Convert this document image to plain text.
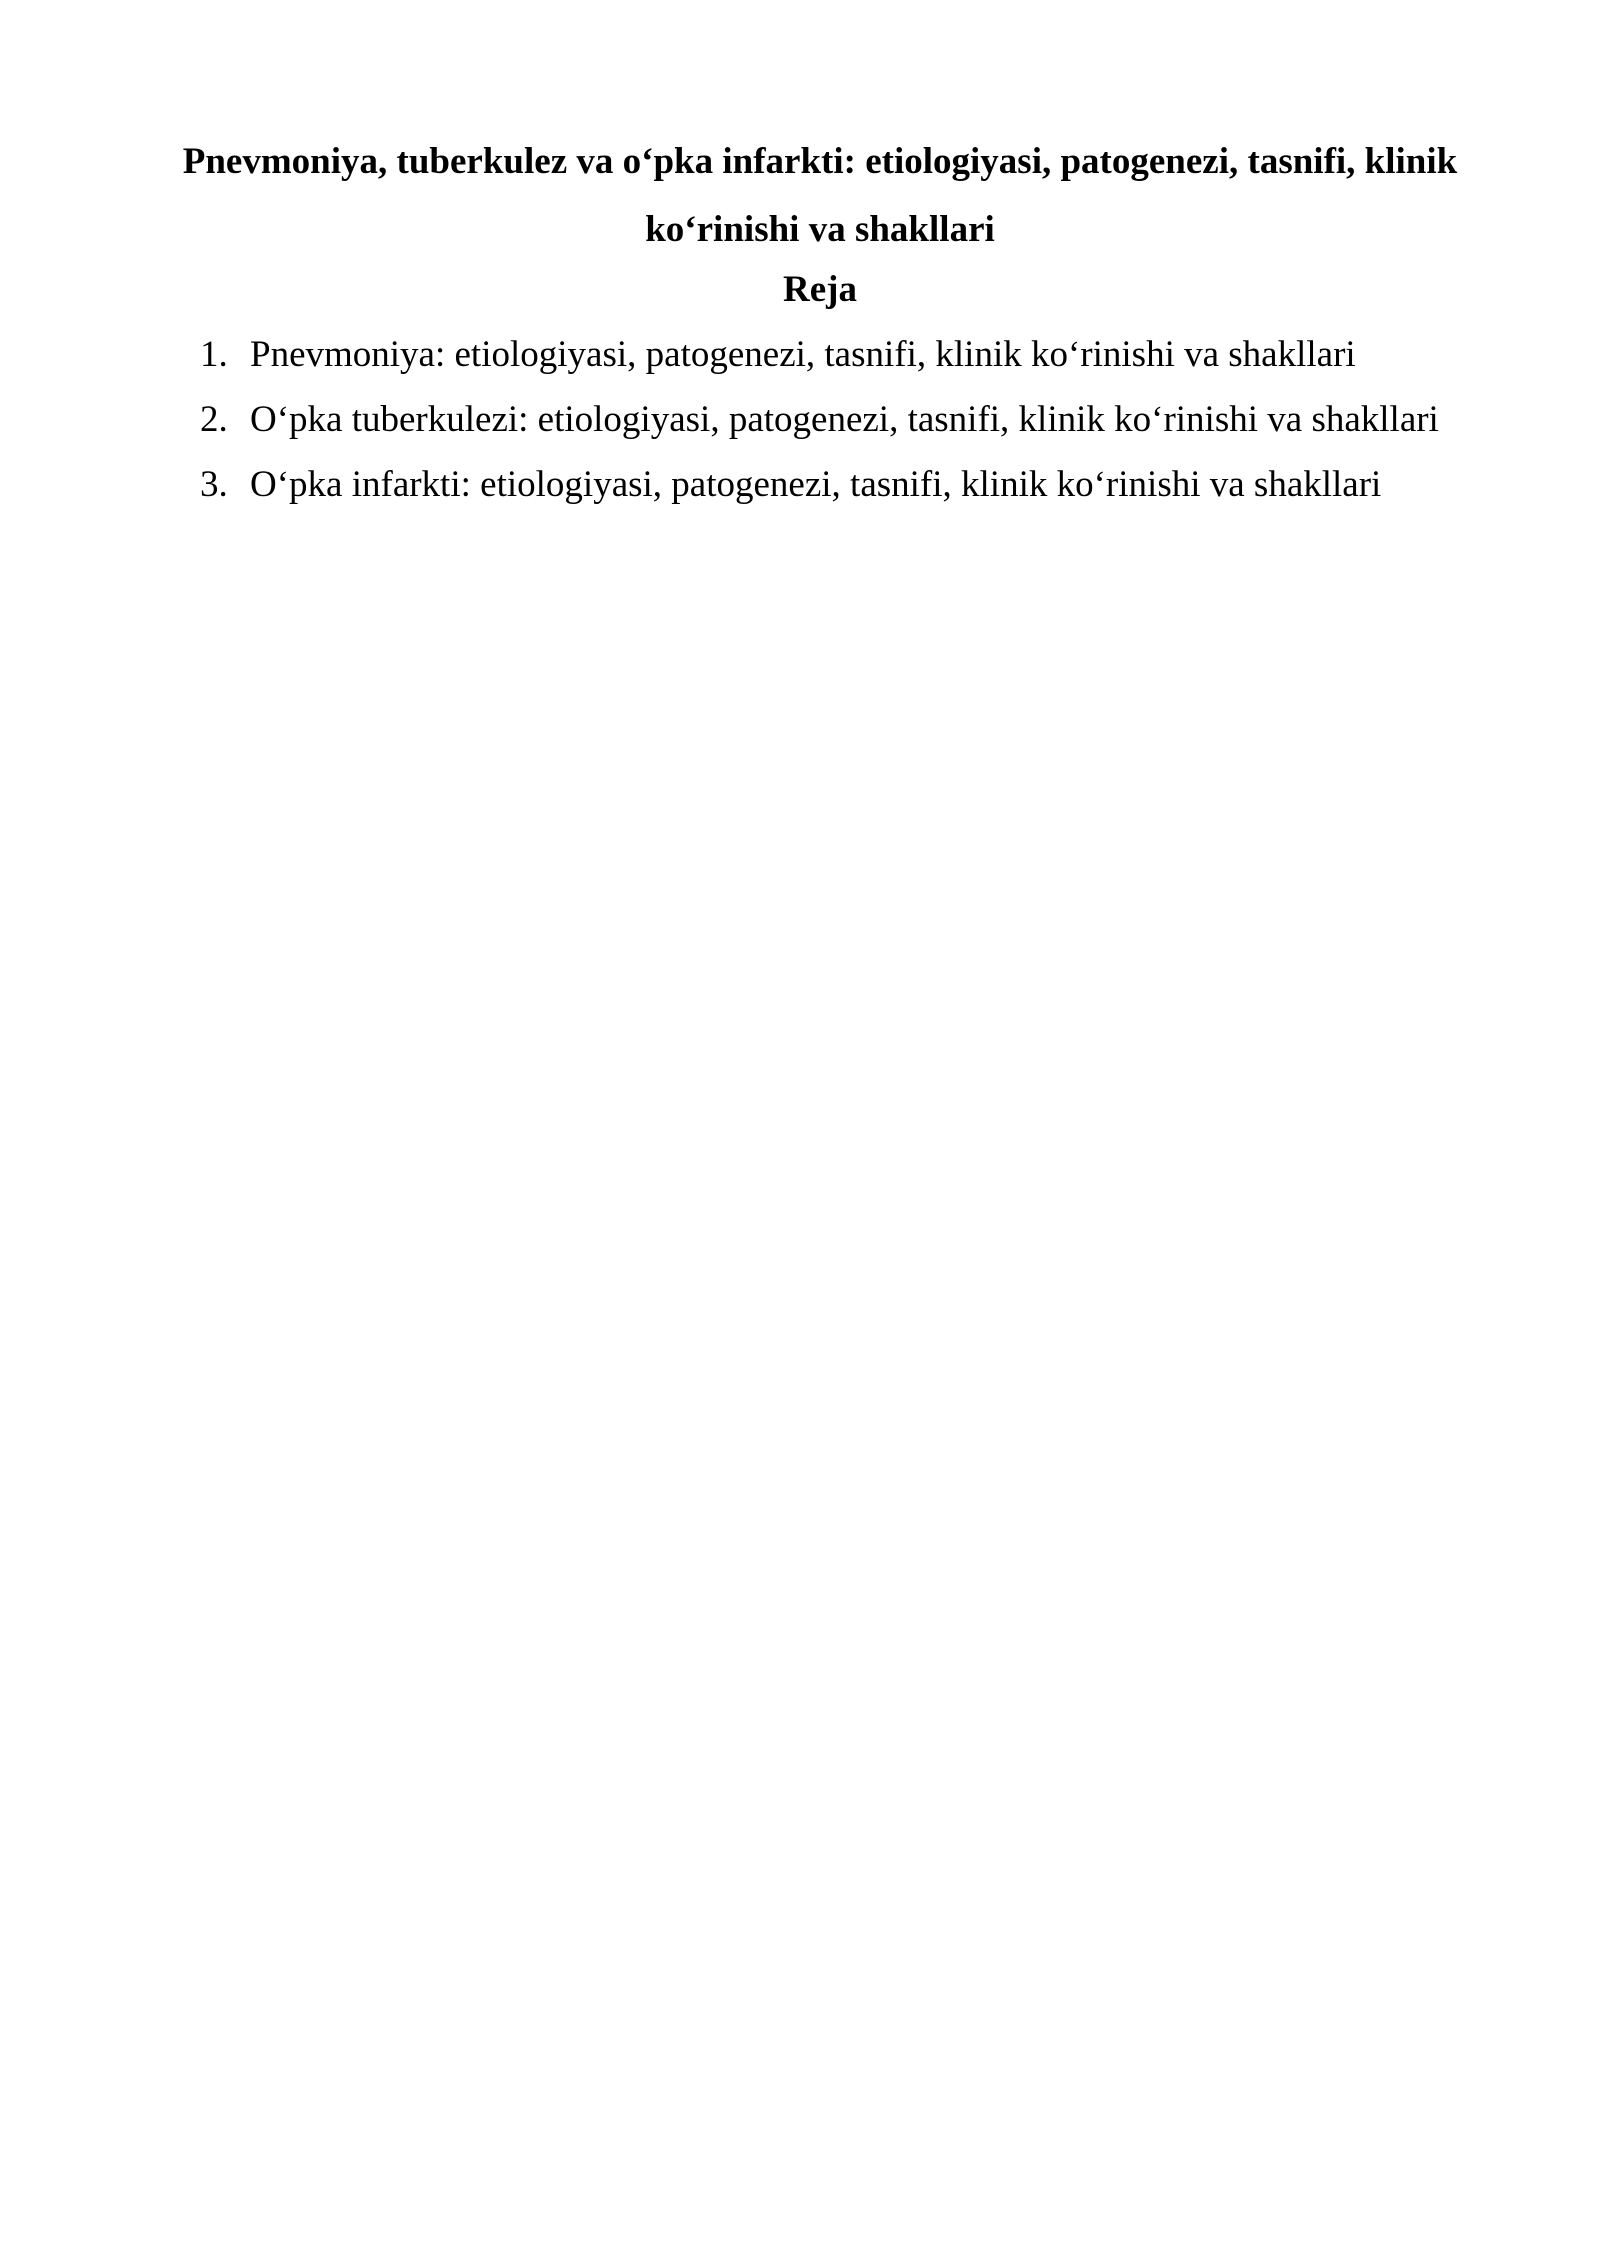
Pnevmoniya, tuberkulez va o‘pka infarkti: etiologiyasi, patogenezi, tasnifi, klinik ko‘rinishi va shakllari
Reja
1. Pnevmoniya: etiologiyasi, patogenezi, tasnifi, klinik ko‘rinishi va shakllari
2. O‘pka tuberkulezi: etiologiyasi, patogenezi, tasnifi, klinik ko‘rinishi va shakllari
3. O‘pka infarkti: etiologiyasi, patogenezi, tasnifi, klinik ko‘rinishi va shakllari
